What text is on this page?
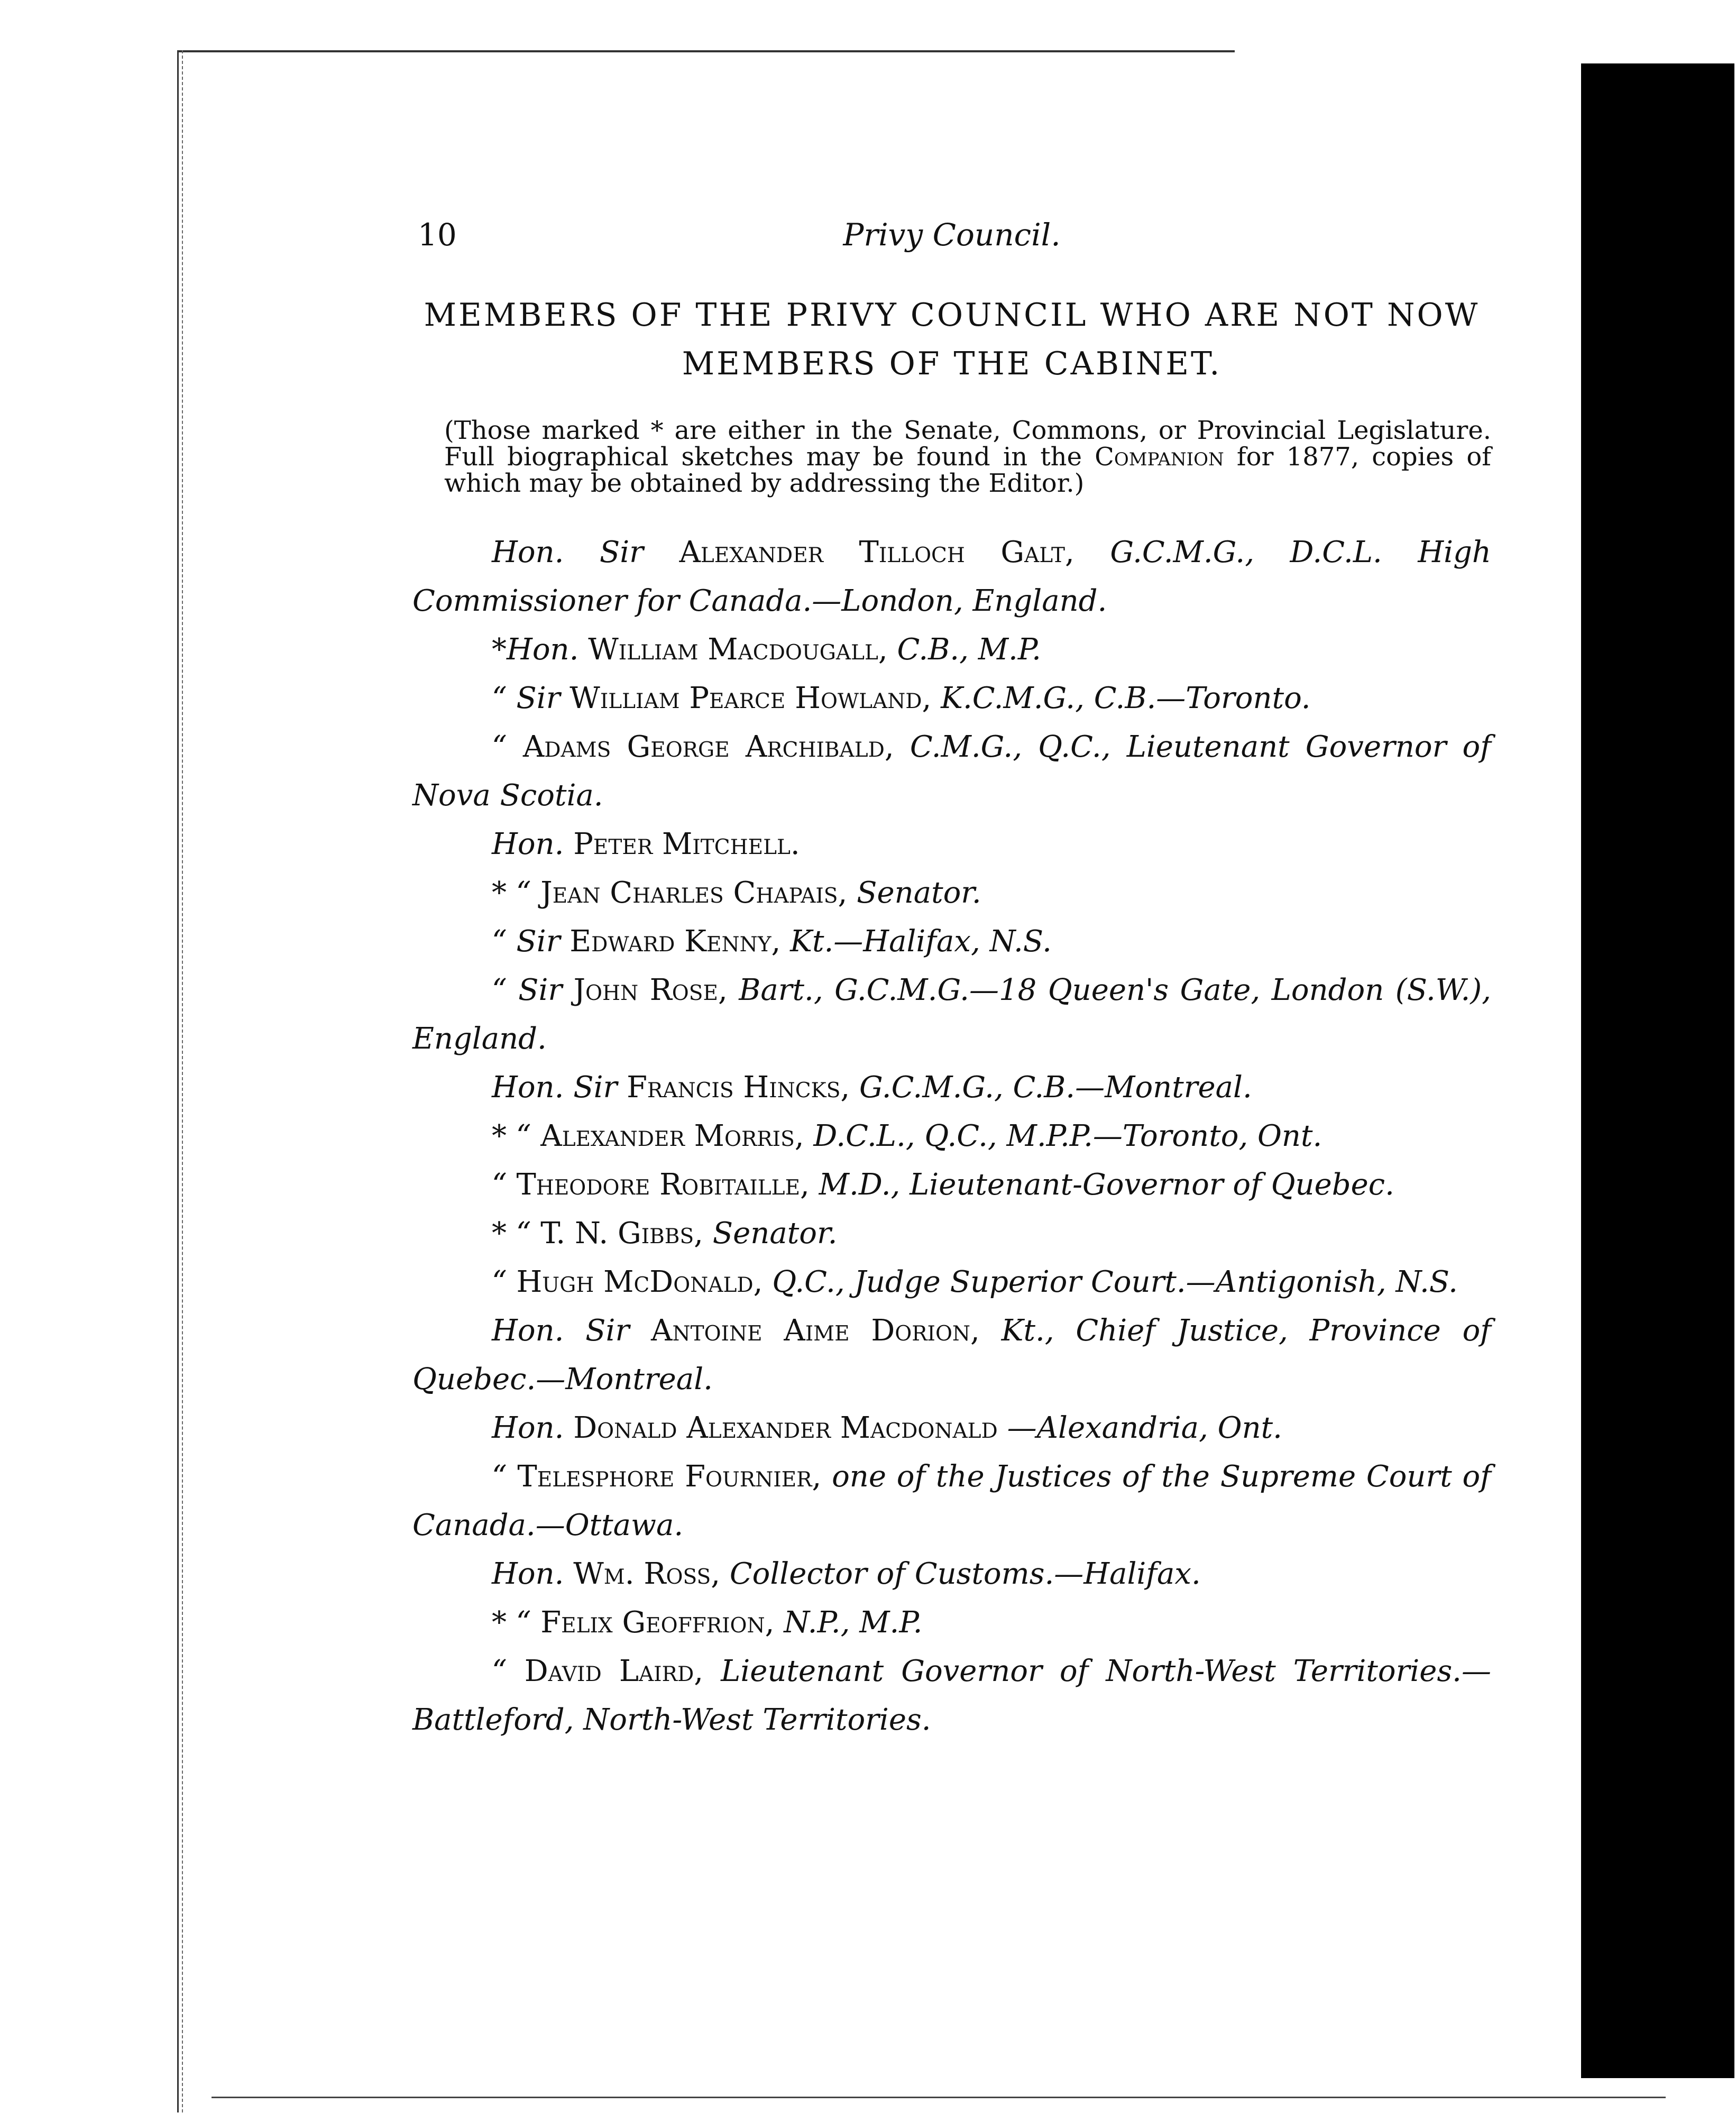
10	Privy Council.
MEMBERS OF THE PRIVY COUNCIL WHO ARE NOT NOW
MEMBERS OF THE CABINET.
(Those marked * are either in the Senate, Commons, or Provincial Legislature. Full biographical sketches may be found in the Companion for 1877, copies of which may be obtained by addressing the Editor.)
Hon. Sir Alexander Tilloch Galt, G.C.M.G., D.C.L. High Commissioner for Canada.—London, England.
*Hon. William Macdougall, C.B., M.P.
“ Sir William Pearce Howland, K.C.M.G., C.B.—Toronto.
“ Adams George Archibald, C.M.G., Q.C., Lieutenant Governor of Nova Scotia.
Hon. Peter Mitchell.
* “ Jean Charles Chapais, Senator.
“ Sir Edward Kenny, Kt.—Halifax, N.S.
“ Sir John Rose, Bart., G.C.M.G.—18 Queen's Gate, London (S.W.), England.
Hon. Sir Francis Hincks, G.C.M.G., C.B.—Montreal.
* “ Alexander Morris, D.C.L., Q.C., M.P.P.—Toronto, Ont.
“ Theodore Robitaille, M.D., Lieutenant-Governor of Quebec.
* “ T. N. Gibbs, Senator.
“ Hugh McDonald, Q.C., Judge Superior Court.—Antigonish, N.S.
Hon. Sir Antoine Aime Dorion, Kt., Chief Justice, Province of Quebec.—Montreal.
Hon. Donald Alexander Macdonald —Alexandria, Ont.
“ Telesphore Fournier, one of the Justices of the Supreme Court of Canada.—Ottawa.
Hon. Wm. Ross, Collector of Customs.—Halifax.
* “ Felix Geoffrion, N.P., M.P.
“ David Laird, Lieutenant Governor of North-West Territories.—Battleford, North-West Territories.
